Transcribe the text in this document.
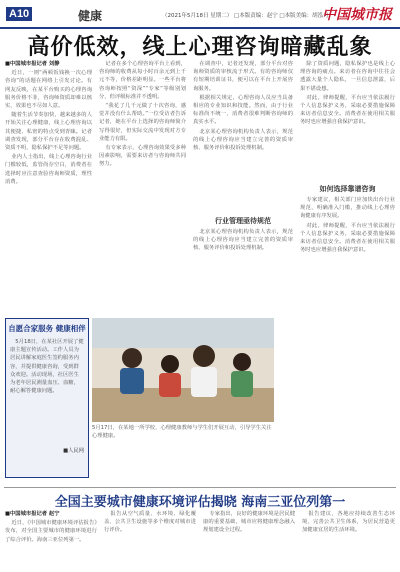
A10	健康	（2021年5月18日 星期二） □本版责编：赵宁 □本版美编：胡泓舟
中国城市报
高价低效，线上心理咨询暗藏乱象

■中国城市报记者 刘静

近日，一则“两顿饭钱换一次心理咨询”的话题在网络上引发讨论。有网友反映，在某平台购买的心理咨询服务价格不菲，咨询师资质却难以核实，效果也不尽如人意。

随着生活节奏加快，越来越多的人开始关注心理健康，线上心理咨询以其便捷、私密的特点受到青睐。记者调查发现，部分平台存在收费混乱、资质不明、隐私保护不足等问题。

业内人士指出，线上心理咨询行业门槛较低，监管尚存空白，消费者在选择时应注意查验咨询师资质，理性消费。

记者在多个心理咨询平台上看到，咨询师的收费从每小时百余元到上千元不等，价格差距明显。一些平台将咨询师按照“资深”“专家”等级别划分，但评级标准并不透明。

“我花了几千元做了十次咨询，感觉并没有什么帮助。”一位受访者告诉记者，她在平台上选择的咨询师简介写得很好，但实际交流中发现对方专业能力有限。

有专家表示，心理咨询效果受多种因素影响，需要来访者与咨询师共同努力。

在调查中，记者还发现，部分平台对咨询师资质的审核流于形式。有的咨询师仅有短期培训证书，便可以在平台上开展咨询服务。

根据相关规定，心理咨询人员应当具备相应的专业知识和技能。然而，由于行业标准尚不统一，消费者很难判断咨询师的真实水平。

北京某心理咨询机构负责人表示，规范的线上心理咨询应当建立完善的资质审核、服务评价和投诉处理机制。

行业管理亟待规范

北京某心理咨询机构负责人表示，规范的线上心理咨询应当建立完善的资质审核、服务评价和投诉处理机制。

除了资质问题，隐私保护也是线上心理咨询的痛点。来访者在咨询中往往会透露大量个人隐私，一旦信息泄露，后果不堪设想。

对此，律师提醒，平台应当依法履行个人信息保护义务，采取必要措施保障来访者信息安全。消费者在使用相关服务时也应增强自我保护意识。

如何选择靠谱咨询

专家建议，相关部门应加快出台行业规范，明确准入门槛，推动线上心理咨询健康有序发展。

对此，律师提醒，平台应当依法履行个人信息保护义务，采取必要措施保障来访者信息安全。消费者在使用相关服务时也应增强自我保护意识。

自愿合家服务 健康相伴
5月18日，在某社区开展了健康主题宣传活动。工作人员为居民讲解家庭医生签约服务内容，并提供健康咨询，受到群众欢迎。活动现场，社区医生为老年居民测量血压、血糖，耐心解答健康问题。
■人民网
5月17日，在某地一所学校，心理健康教师与学生们开展互动，引导学生关注心理健康。
全国主要城市健康环境评估揭晓 海南三亚位列第一

■中国城市报记者 赵宁

近日，《中国城市健康环境评估报告》发布，对全国主要城市的健康环境进行了综合评价。海南三亚位列第一。

报告从空气质量、水环境、绿化覆盖、公共卫生设施等多个维度对城市进行评价。

专家指出，良好的健康环境是居民健康的重要基础，城市应将健康理念融入规划建设全过程。

报告建议，各地应持续改善生态环境，完善公共卫生体系，为居民营造更加健康宜居的生活环境。
